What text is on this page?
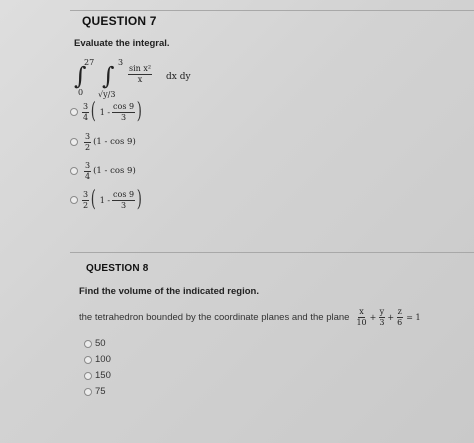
QUESTION 7
Evaluate the integral.
∫
27
0
∫ 3
√y/3
$\frac{\text{sin x²}}{x}$ dx dy
$\frac{3}{4}$ ( $1 - \frac{\cos 9}{3}$ )
$\frac{3}{2} (1$ - cos 9)
$\frac{3}{4} (1$ - cos 9)
$\frac{3}{2}$ ( $1 - \frac{\cos 9}{3}$ )
QUESTION 8
Find the volume of the indicated region.
the tetrahedron bounded by the coordinate planes and the plane $\frac{x}{10} + \frac{y}{3} + \frac{z}{6} = 1$
50
100
150
75
